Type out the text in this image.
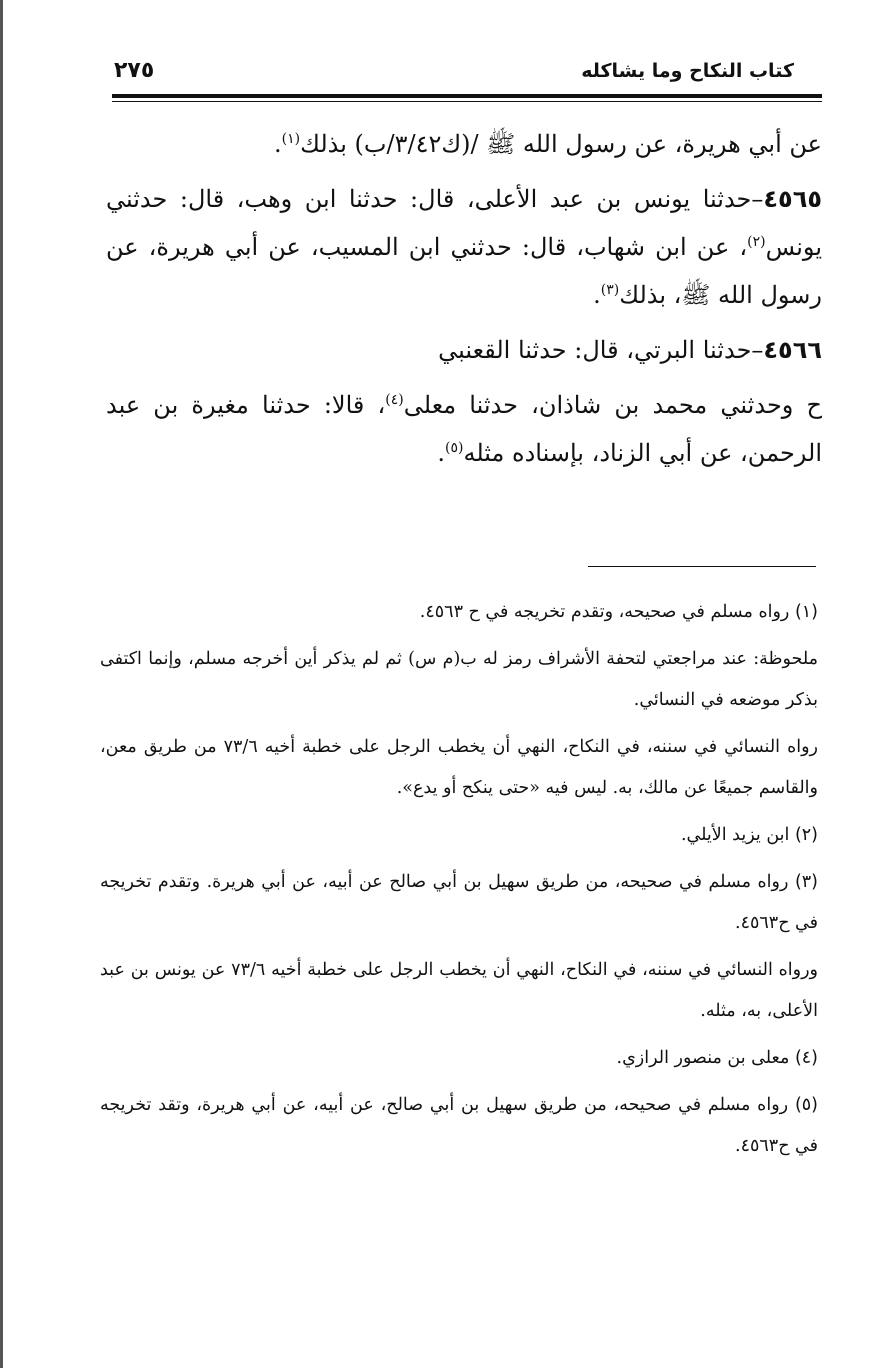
كتاب النكاح وما يشاكله
٢٧٥

عن أبي هريرة، عن رسول الله ﷺ /(ك٣/٤٢/ب) بذلك$^{(١)}$.

٤٥٦٥–حدثنا يونس بن عبد الأعلى، قال: حدثنا ابن وهب، قال: حدثني يونس$^{(٢)}$، عن ابن شهاب، قال: حدثني ابن المسيب، عن أبي هريرة، عن رسول الله ﷺ، بذلك$^{(٣)}$.

٤٥٦٦–حدثنا البرتي، قال: حدثنا القعنبي

ح وحدثني محمد بن شاذان، حدثنا معلى$^{(٤)}$، قالا: حدثنا مغيرة بن عبد الرحمن، عن أبي الزناد، بإسناده مثله$^{(٥)}$.

(١) رواه مسلم في صحيحه، وتقدم تخريجه في ح ٤٥٦٣.

ملحوظة: عند مراجعتي لتحفة الأشراف رمز له ب(م س) ثم لم يذكر أين أخرجه مسلم، وإنما اكتفى بذكر موضعه في النسائي.

رواه النسائي في سننه، في النكاح، النهي أن يخطب الرجل على خطبة أخيه ٧٣/٦ من طريق معن، والقاسم جميعًا عن مالك، به. ليس فيه «حتى ينكح أو يدع».

(٢) ابن يزيد الأيلي.

(٣) رواه مسلم في صحيحه، من طريق سهيل بن أبي صالح عن أبيه، عن أبي هريرة. وتقدم تخريجه في ح٤٥٦٣.

ورواه النسائي في سننه، في النكاح، النهي أن يخطب الرجل على خطبة أخيه ٧٣/٦ عن يونس بن عبد الأعلى، به، مثله.

(٤) معلى بن منصور الرازي.

(٥) رواه مسلم في صحيحه، من طريق سهيل بن أبي صالح، عن أبيه، عن أبي هريرة، وتقد تخريجه في ح٤٥٦٣.
